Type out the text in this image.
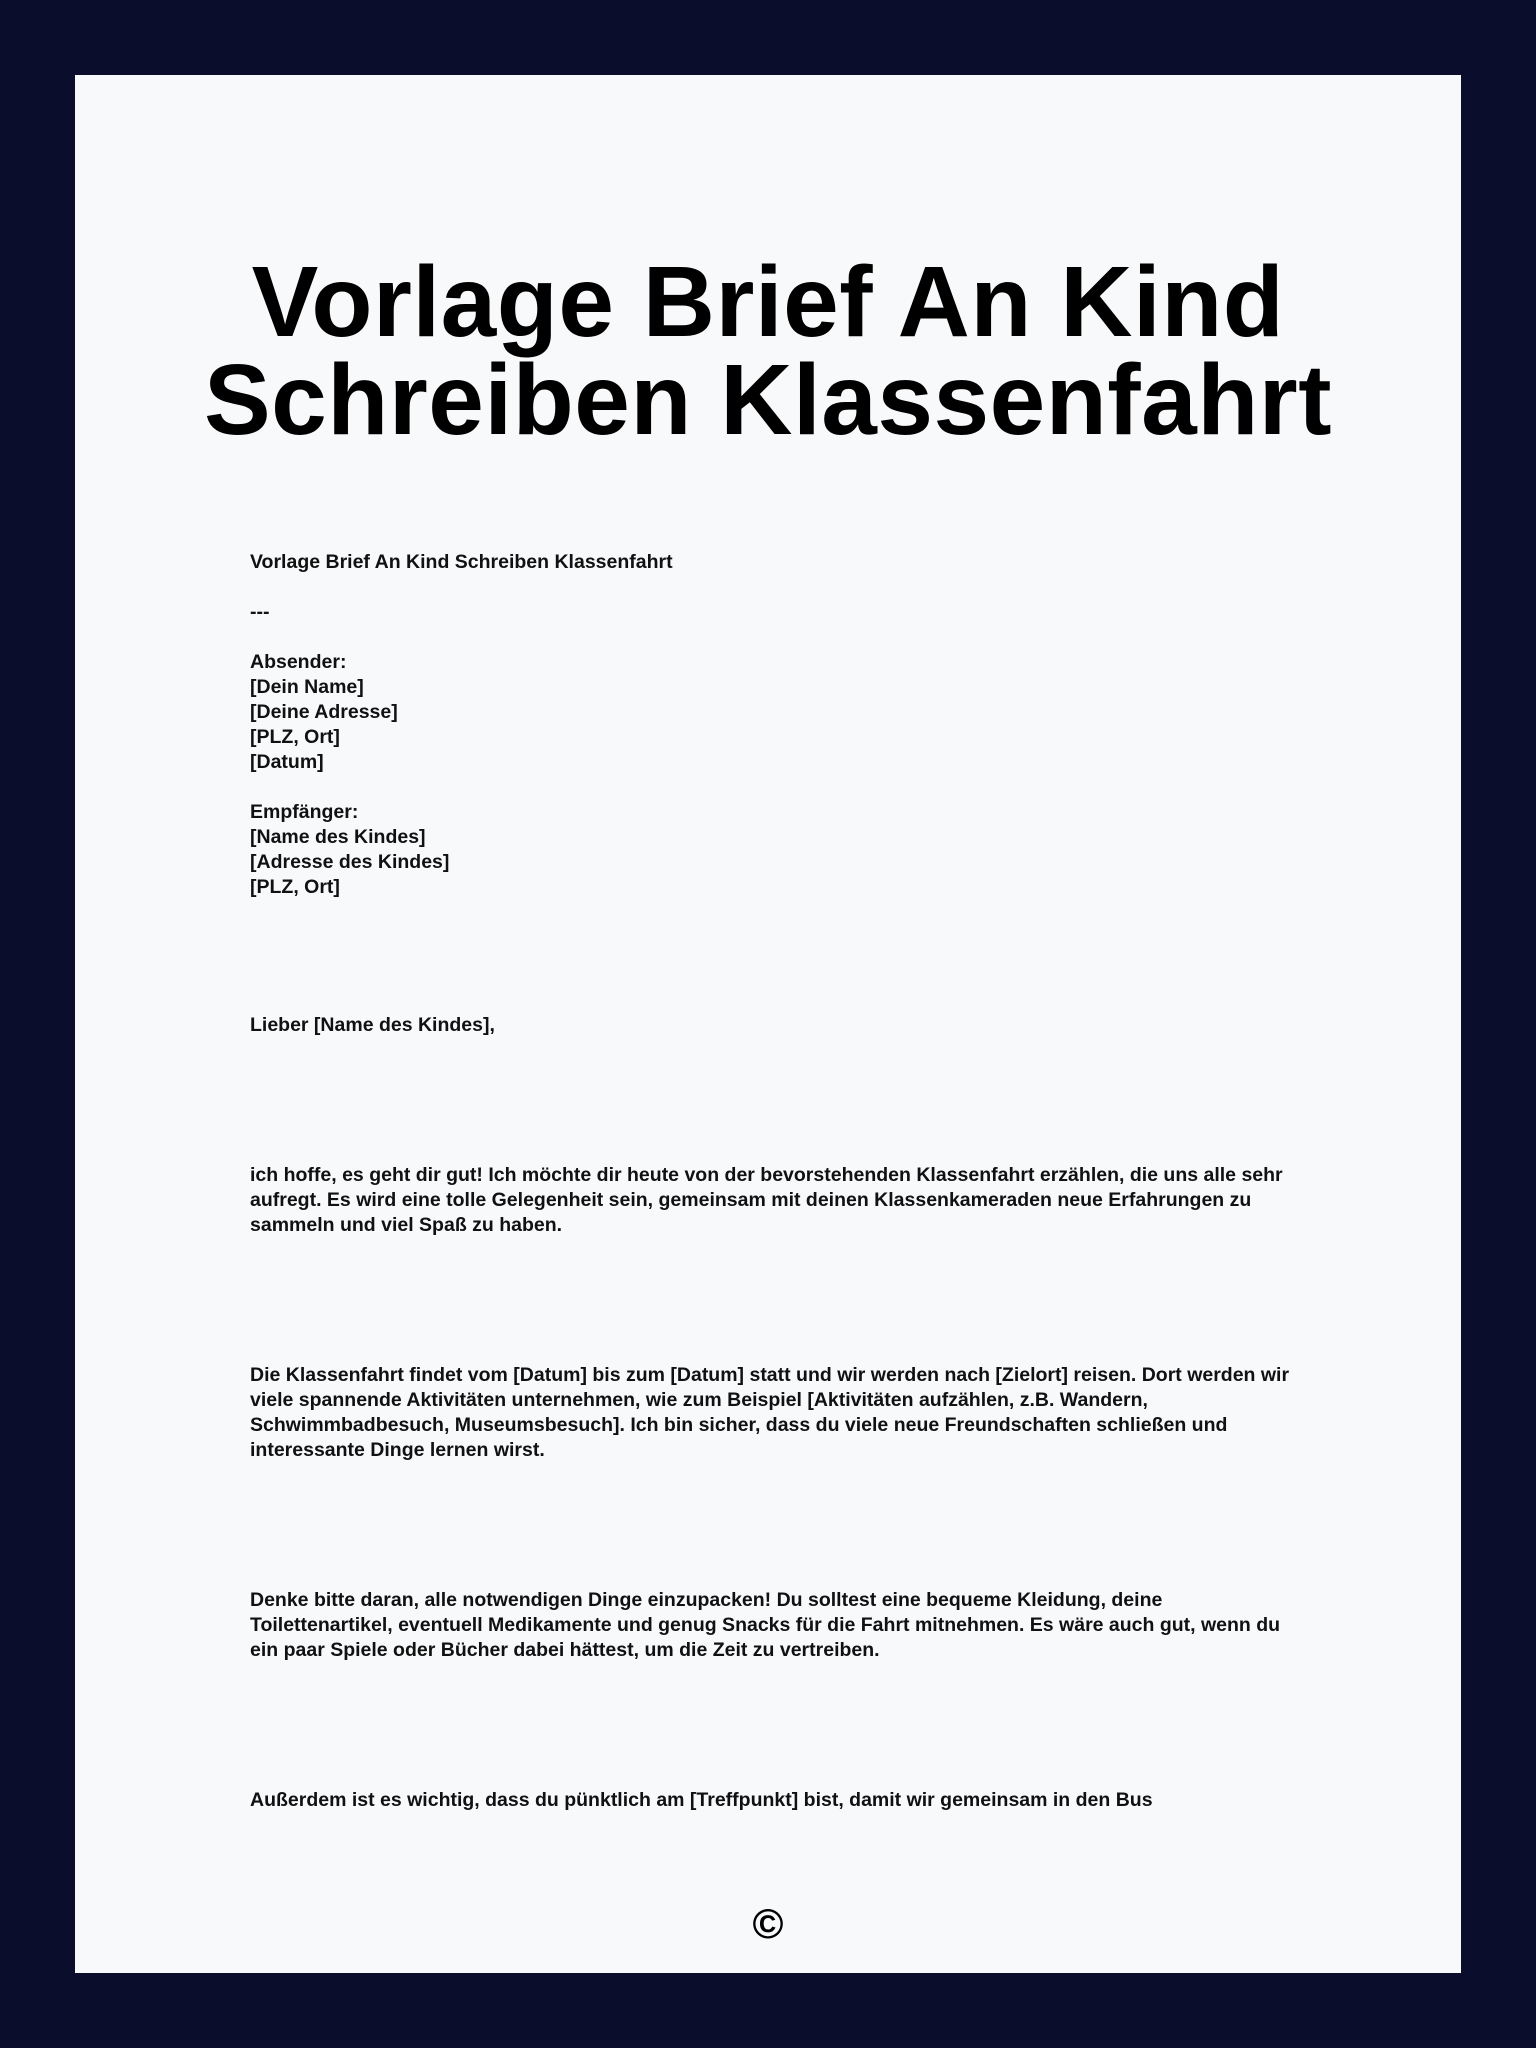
Vorlage Brief An Kind Schreiben Klassenfahrt

Vorlage Brief An Kind Schreiben Klassenfahrt

---

Absender:

[Dein Name]

[Deine Adresse]

[PLZ, Ort]

[Datum]

Empfänger:

[Name des Kindes]

[Adresse des Kindes]

[PLZ, Ort]

Lieber [Name des Kindes],

ich hoffe, es geht dir gut! Ich möchte dir heute von der bevorstehenden Klassenfahrt erzählen, die uns alle sehr aufregt. Es wird eine tolle Gelegenheit sein, gemeinsam mit deinen Klassenkameraden neue Erfahrungen zu sammeln und viel Spaß zu haben.

Die Klassenfahrt findet vom [Datum] bis zum [Datum] statt und wir werden nach [Zielort] reisen. Dort werden wir viele spannende Aktivitäten unternehmen, wie zum Beispiel [Aktivitäten aufzählen, z.B. Wandern, Schwimmbadbesuch, Museumsbesuch]. Ich bin sicher, dass du viele neue Freundschaften schließen und interessante Dinge lernen wirst.

Denke bitte daran, alle notwendigen Dinge einzupacken! Du solltest eine bequeme Kleidung, deine Toilettenartikel, eventuell Medikamente und genug Snacks für die Fahrt mitnehmen. Es wäre auch gut, wenn du ein paar Spiele oder Bücher dabei hättest, um die Zeit zu vertreiben.

Außerdem ist es wichtig, dass du pünktlich am [Treffpunkt] bist, damit wir gemeinsam in den Bus

©
